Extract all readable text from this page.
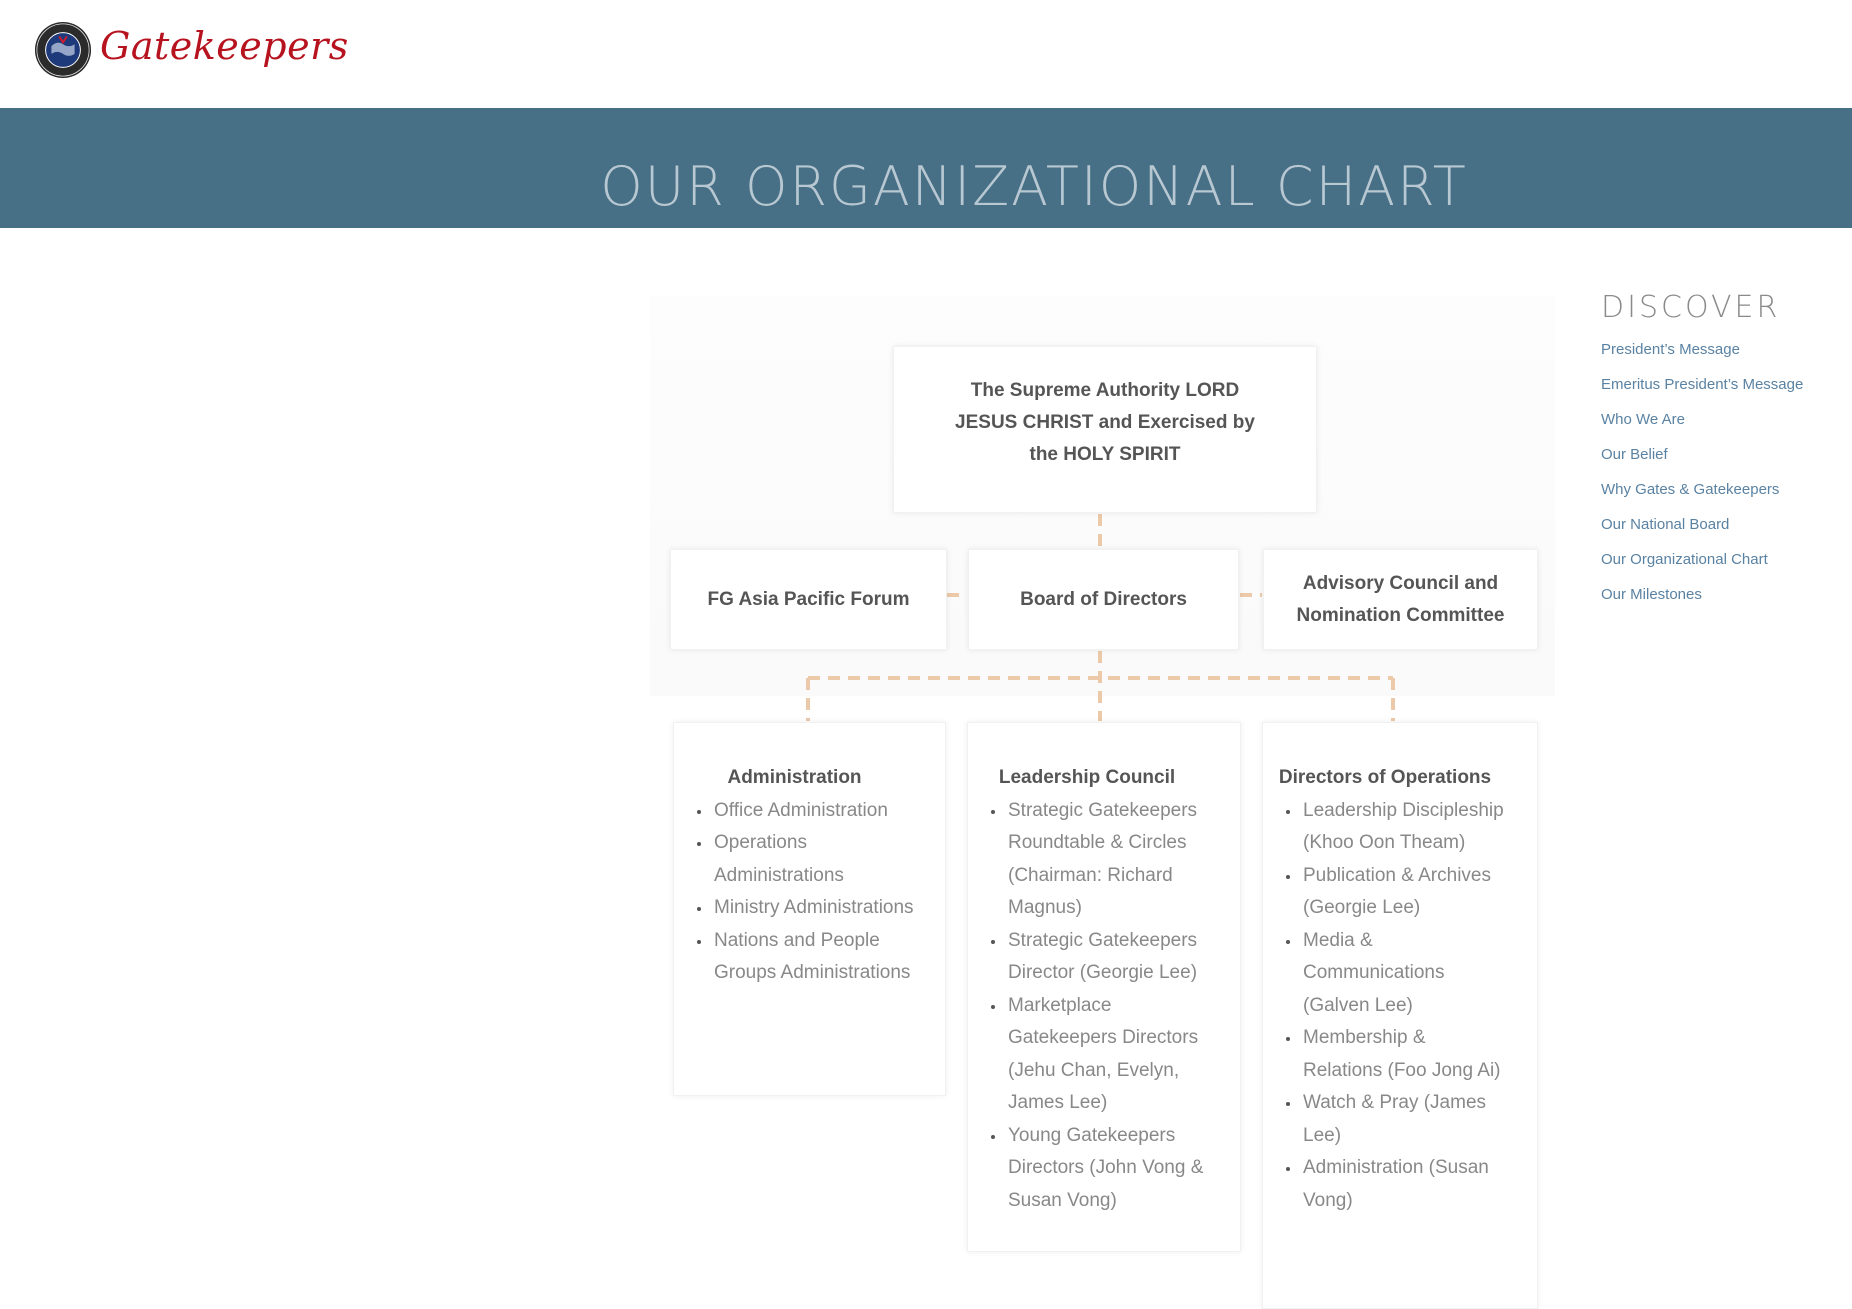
Gatekeepers
OUR ORGANIZATIONAL CHART
The Supreme Authority LORD JESUS CHRIST and Exercised by the HOLY SPIRIT
FG Asia Pacific Forum	Board of Directors
Advisory Council and Nomination Committee
Administration
• Office Administration
• Operations Administrations
• Ministry Administrations
• Nations and People Groups Administrations
Leadership Council
• Strategic Gatekeepers Roundtable & Circles (Chairman: Richard Magnus)
• Strategic Gatekeepers Director (Georgie Lee)
• Marketplace Gatekeepers Directors (Jehu Chan, Evelyn, James Lee)
• Young Gatekeepers Directors (John Vong & Susan Vong)
Directors of Operations
• Leadership Discipleship (Khoo Oon Theam)
• Publication & Archives (Georgie Lee)
• Media & Communications (Galven Lee)
• Membership & Relations (Foo Jong Ai)
• Watch & Pray (James Lee)
• Administration (Susan Vong)
DISCOVER
President’s Message
Emeritus President’s Message
Who We Are
Our Belief
Why Gates & Gatekeepers
Our National Board
Our Organizational Chart
Our Milestones
